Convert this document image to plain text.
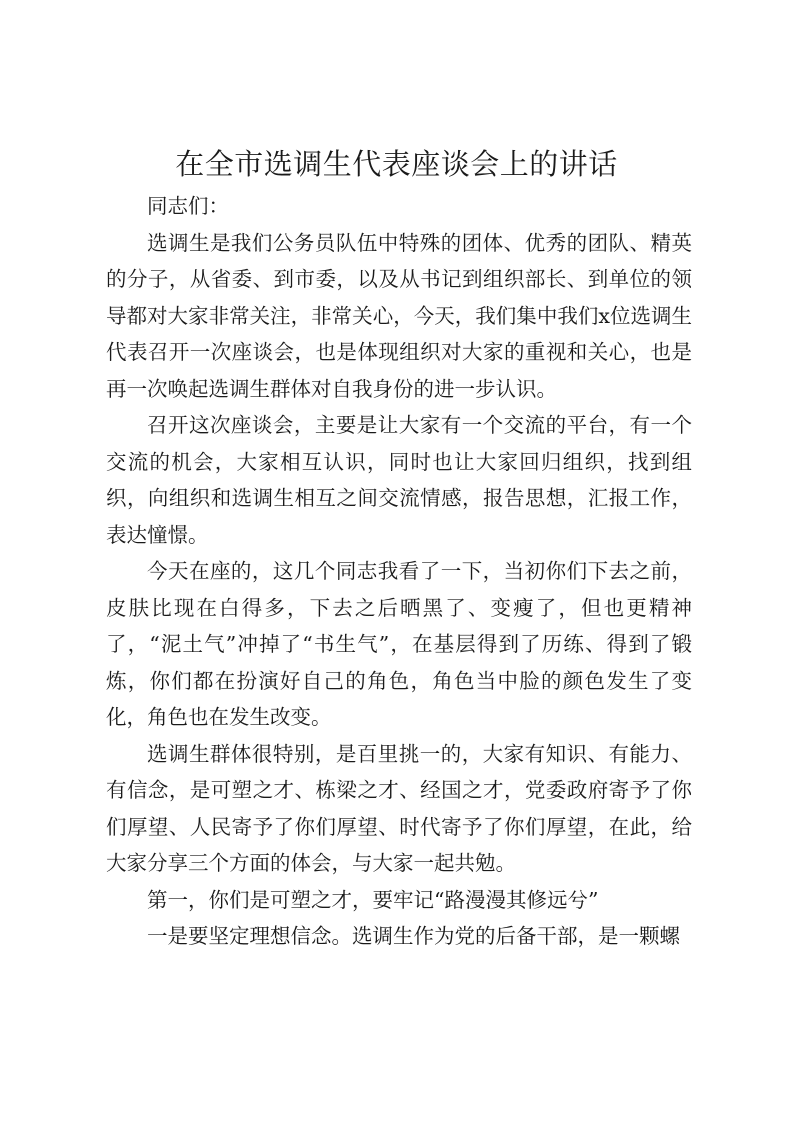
在全市选调生代表座谈会上的讲话

同志们：

选调生是我们公务员队伍中特殊的团体、优秀的团队、精英的分子，从省委、到市委，以及从书记到组织部长、到单位的领导都对大家非常关注，非常关心，今天，我们集中我们x位选调生代表召开一次座谈会，也是体现组织对大家的重视和关心，也是再一次唤起选调生群体对自我身份的进一步认识。

召开这次座谈会，主要是让大家有一个交流的平台，有一个交流的机会，大家相互认识，同时也让大家回归组织，找到组织，向组织和选调生相互之间交流情感，报告思想，汇报工作，表达憧憬。

今天在座的，这几个同志我看了一下，当初你们下去之前，皮肤比现在白得多，下去之后晒黑了、变瘦了，但也更精神了，“泥土气”冲掉了“书生气”，在基层得到了历练、得到了锻炼，你们都在扮演好自己的角色，角色当中脸的颜色发生了变化，角色也在发生改变。

选调生群体很特别，是百里挑一的，大家有知识、有能力、有信念，是可塑之才、栋梁之才、经国之才，党委政府寄予了你们厚望、人民寄予了你们厚望、时代寄予了你们厚望，在此，给大家分享三个方面的体会，与大家一起共勉。

第一，你们是可塑之才，要牢记“路漫漫其修远兮”

一是要坚定理想信念。选调生作为党的后备干部，是一颗螺
